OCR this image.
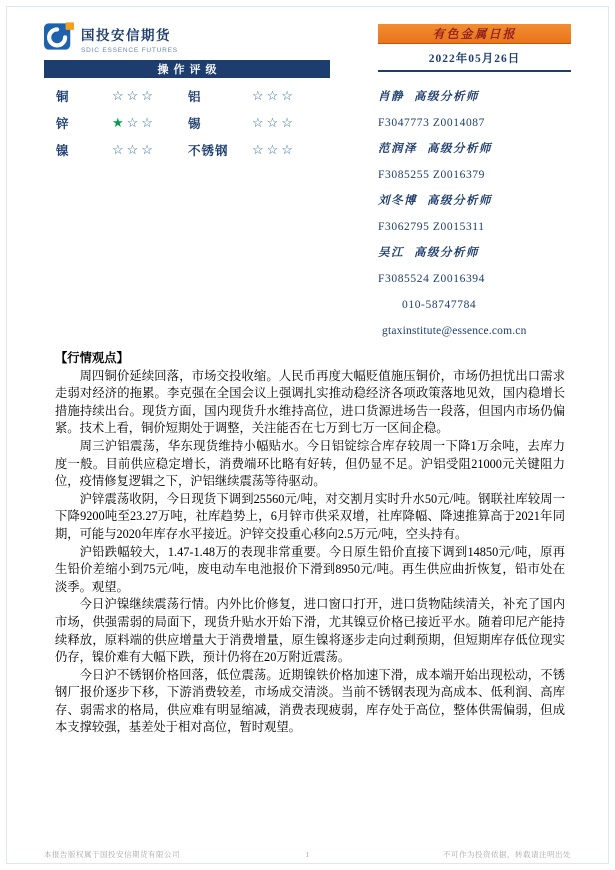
国投安信期货
SDIC ESSENCE FUTURES
有色金属日报
2022年05月26日
操作评级
铜	☆☆☆	铝	☆☆☆
锌	★☆☆	锡	☆☆☆
镍	☆☆☆	不锈钢	☆☆☆
肖静 高级分析师
F3047773 Z0014087
范润泽 高级分析师
F3085255 Z0016379
刘冬博 高级分析师
F3062795 Z0015311
吴江 高级分析师
F3085524 Z0016394
010-58747784
gtaxinstitute@essence.com.cn
【行情观点】

周四铜价延续回落，市场交投收缩。人民币再度大幅贬值施压铜价，市场仍担忧出口需求走弱对经济的拖累。李克强在全国会议上强调扎实推动稳经济各项政策落地见效，国内稳增长措施持续出台。现货方面，国内现货升水维持高位，进口货源进场告一段落，但国内市场仍偏紧。技术上看，铜价短期处于调整，关注能否在七万到七万一区间企稳。

周三沪铝震荡，华东现货维持小幅贴水。今日铝锭综合库存较周一下降1万余吨，去库力度一般。目前供应稳定增长，消费端环比略有好转，但仍显不足。沪铝受阻21000元关键阻力位，疫情修复逻辑之下，沪铝继续震荡等待驱动。

沪锌震荡收阴，今日现货下调到25560元/吨，对交割月实时升水50元/吨。钢联社库较周一下降9200吨至23.27万吨，社库趋势上，6月锌市供采双增，社库降幅、降速推算高于2021年同期，可能与2020年库存水平接近。沪锌交投重心移向2.5万元/吨，空头持有。

沪铅跌幅较大，1.47-1.48万的表现非常重要。今日原生铅价直接下调到14850元/吨，原再生铅价差缩小到75元/吨，废电动车电池报价下滑到8950元/吨。再生供应曲折恢复，铅市处在淡季。观望。

今日沪镍继续震荡行情。内外比价修复，进口窗口打开，进口货物陆续清关，补充了国内市场，供强需弱的局面下，现货升贴水开始下滑，尤其镍豆价格已接近平水。随着印尼产能持续释放，原料端的供应增量大于消费增量，原生镍将逐步走向过剩预期，但短期库存低位现实仍存，镍价难有大幅下跌，预计仍将在20万附近震荡。

今日沪不锈钢价格回落，低位震荡。近期镍铁价格加速下滑，成本端开始出现松动，不锈钢厂报价逐步下移，下游消费较差，市场成交清淡。当前不锈钢表现为高成本、低利润、高库存、弱需求的格局，供应难有明显缩减，消费表现疲弱，库存处于高位，整体供需偏弱，但成本支撑较强，基差处于相对高位，暂时观望。

本报告版权属于国投安信期货有限公司	1	不可作为投资依据，转载请注明出处
